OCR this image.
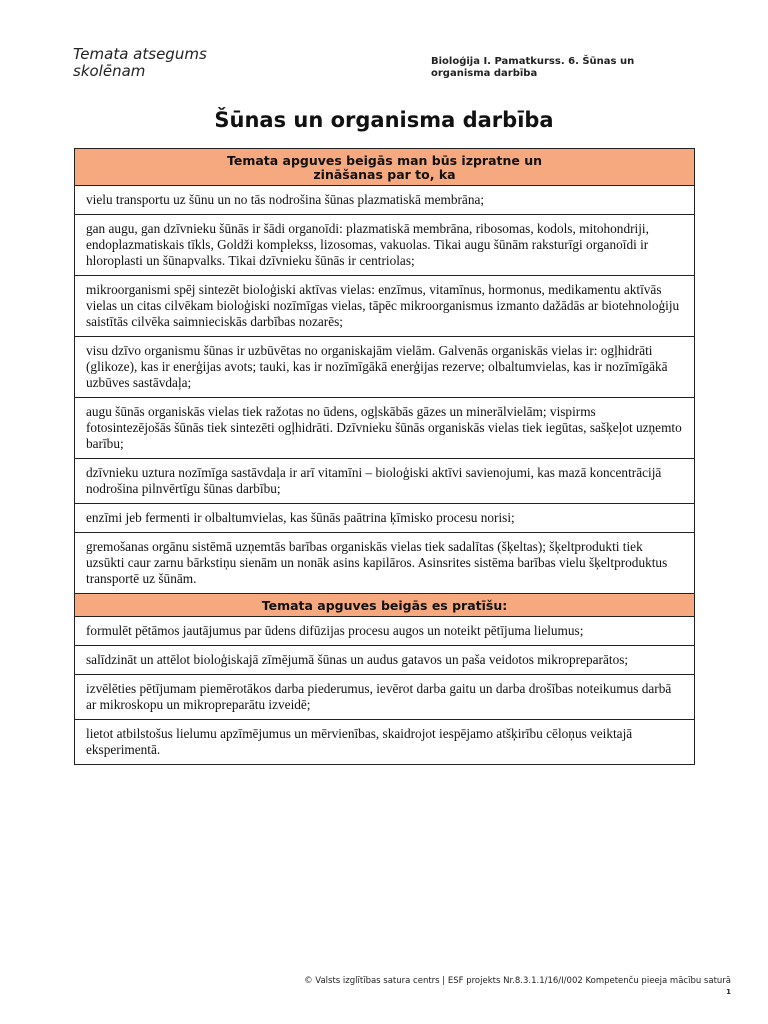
Temata atsegums
skolēnam
Bioloģija I. Pamatkurss. 6. Šūnas un
organisma darbība
Šūnas un organisma darbība
Temata apguves beigās man būs izpratne un
zināšanas par to, ka

vielu transportu uz šūnu un no tās nodrošina šūnas plazmatiskā membrāna;
gan augu, gan dzīvnieku šūnās ir šādi organoīdi: plazmatiskā membrāna, ribosomas, kodols, mitohondriji, endoplazmatiskais tīkls, Goldži komplekss, lizosomas, vakuolas. Tikai augu šūnām raksturīgi organoīdi ir hloroplasti un šūnapvalks. Tikai dzīvnieku šūnās ir centriolas;
mikroorganismi spēj sintezēt bioloģiski aktīvas vielas: enzīmus, vitamīnus, hormonus, medikamentu aktīvās vielas un citas cilvēkam bioloģiski nozīmīgas vielas, tāpēc mikroorganismus izmanto dažādās ar biotehnoloģiju saistītās cilvēka saimnieciskās darbības nozarēs;
visu dzīvo organismu šūnas ir uzbūvētas no organiskajām vielām. Galvenās organiskās vielas ir: ogļhidrāti (glikoze), kas ir enerģijas avots; tauki, kas ir nozīmīgākā enerģijas rezerve; olbaltumvielas, kas ir nozīmīgākā uzbūves sastāvdaļa;
augu šūnās organiskās vielas tiek ražotas no ūdens, ogļskābās gāzes un minerālvielām; vispirms fotosintezējošās šūnās tiek sintezēti ogļhidrāti. Dzīvnieku šūnās organiskās vielas tiek iegūtas, sašķeļot uzņemto barību;
dzīvnieku uztura nozīmīga sastāvdaļa ir arī vitamīni – bioloģiski aktīvi savienojumi, kas mazā koncentrācijā nodrošina pilnvērtīgu šūnas darbību;
enzīmi jeb fermenti ir olbaltumvielas, kas šūnās paātrina ķīmisko procesu norisi;
gremošanas orgānu sistēmā uzņemtās barības organiskās vielas tiek sadalītas (šķeltas); šķeltprodukti tiek uzsūkti caur zarnu bārkstiņu sienām un nonāk asins kapilāros. Asinsrites sistēma barības vielu šķeltproduktus transportē uz šūnām.
Temata apguves beigās es pratīšu:
formulēt pētāmos jautājumus par ūdens difūzijas procesu augos un noteikt pētījuma lielumus;
salīdzināt un attēlot bioloģiskajā zīmējumā šūnas un audus gatavos un paša veidotos mikropreparātos;
izvēlēties pētījumam piemērotākos darba piederumus, ievērot darba gaitu un darba drošības noteikumus darbā ar mikroskopu un mikropreparātu izveidē;
lietot atbilstošus lielumu apzīmējumus un mērvienības, skaidrojot iespējamo atšķirību cēloņus veiktajā eksperimentā.
© Valsts izglītības satura centrs | ESF projekts Nr.8.3.1.1/16/I/002 Kompetenču pieeja mācību saturā
1
